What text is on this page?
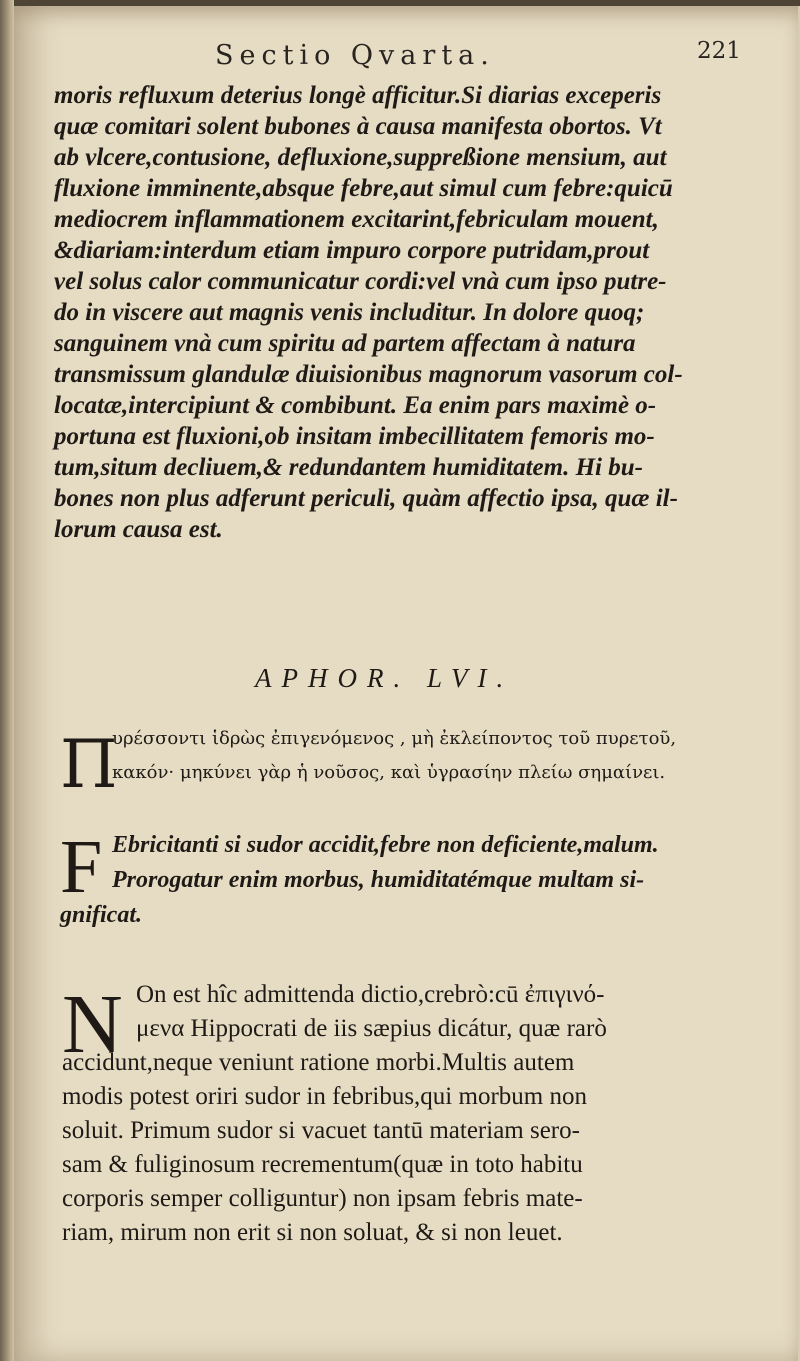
Sectio Qvarta.	221
moris refluxum deterius longè afficitur.Si diarias exceperis
quæ comitari solent bubones à causa manifesta obortos. Vt
ab vlcere,contusione, defluxione,suppreßione mensium, aut
fluxione imminente,absque febre,aut simul cum febre:quicū
mediocrem inflammationem excitarint,febriculam mouent,
&diariam:interdum etiam impuro corpore putridam,prout
vel solus calor communicatur cordi:vel vnà cum ipso putre-
do in viscere aut magnis venis includitur. In dolore quoq;
sanguinem vnà cum spiritu ad partem affectam à natura
transmissum glandulæ diuisionibus magnorum vasorum col-
locatæ,intercipiunt & combibunt. Ea enim pars maximè o-
portuna est fluxioni,ob insitam imbecillitatem femoris mo-
tum,situm decliuem,& redundantem humiditatem. Hi bu-
bones non plus adferunt periculi, quàm affectio ipsa, quæ il-
lorum causa est.
APHOR. LVI.
Π
υρέσσοντι ἱδρὼς ἐπιγενόμενος , μὴ ἐκλείποντος τοῦ πυρετοῦ,
κακόν· μηκύνει γὰρ ἡ νοῦσος, καὶ ὑγρασίην πλείω σημαίνει.
F Ebricitanti si sudor accidit,febre non deficiente,malum.
Prorogatur enim morbus, humiditatémque multam si-
gnificat.
N On est hîc admittenda dictio,crebrò:cū ἐπιγινό-
μενα Hippocrati de iis sæpius dicátur, quæ rarò
accidunt,neque veniunt ratione morbi.Multis autem
modis potest oriri sudor in febribus,qui morbum non
soluit. Primum sudor si vacuet tantū materiam sero-
sam & fuliginosum recrementum(quæ in toto habitu
corporis semper colliguntur) non ipsam febris mate-
riam, mirum non erit si non soluat, & si non leuet.
